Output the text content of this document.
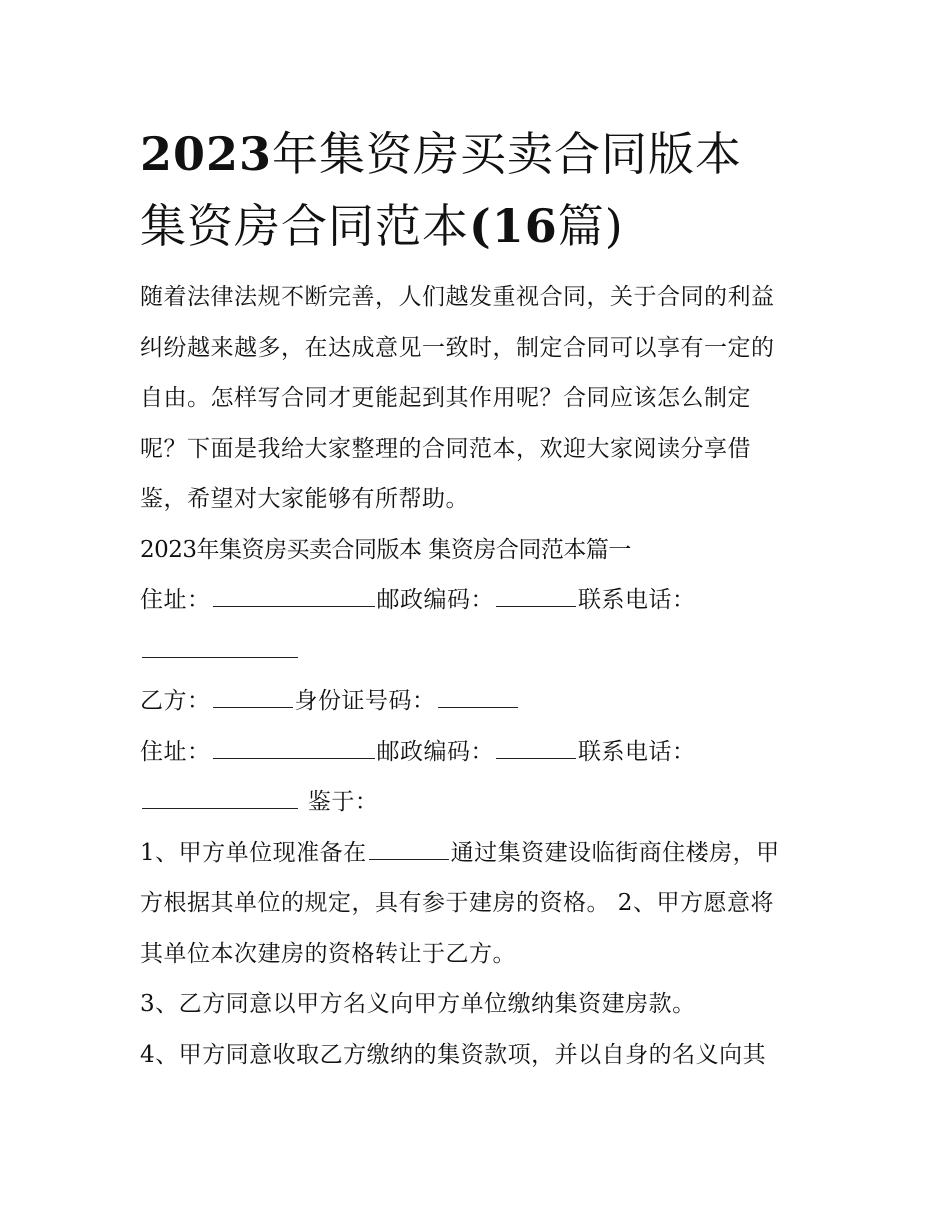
2023年集资房买卖合同版本
集资房合同范本(16篇)
随着法律法规不断完善，人们越发重视合同，关于合同的利益
纠纷越来越多，在达成意见一致时，制定合同可以享有一定的
自由。怎样写合同才更能起到其作用呢？合同应该怎么制定
呢？下面是我给大家整理的合同范本，欢迎大家阅读分享借
鉴，希望对大家能够有所帮助。
2023年集资房买卖合同版本 集资房合同范本篇一
住址：	邮政编码：	联系电话：
乙方：	身份证号码：
住址：	邮政编码：	联系电话：
鉴于：
1、甲方单位现准备在	通过集资建设临街商住楼房，甲
方根据其单位的规定，具有参于建房的资格。 2、甲方愿意将
其单位本次建房的资格转让于乙方。
3、乙方同意以甲方名义向甲方单位缴纳集资建房款。
4、甲方同意收取乙方缴纳的集资款项，并以自身的名义向其
